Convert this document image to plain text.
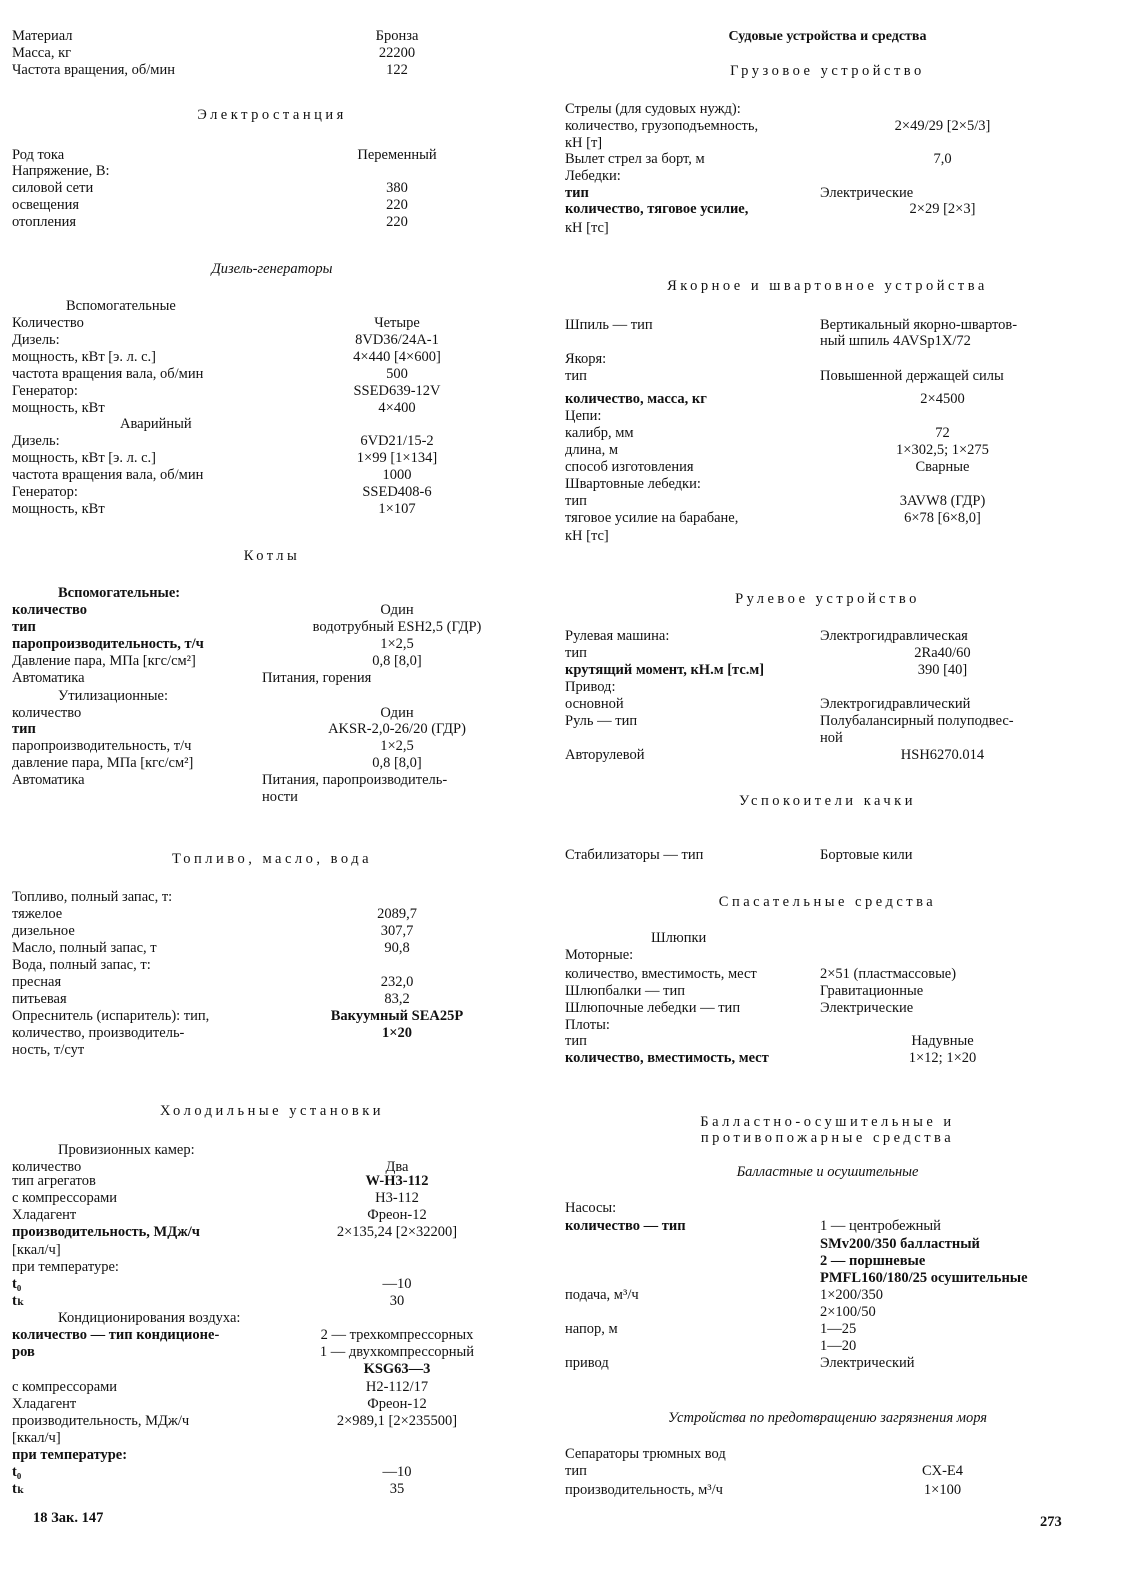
Материал	Бронза
Масса, кг	22200
Частота вращения, об/мин	122
Электростанция
Род тока	Переменный
Напряжение, В:
силовой сети	380
освещения	220
отопления	220
Дизель-генераторы
Вспомогательные
Количество	Четыре
Дизель:	8VD36/24A-1
мощность, кВт [э. л. с.]	4×440 [4×600]
частота вращения вала, об/мин	500
Генератор:	SSED639-12V
мощность, кВт	4×400
Аварийный
Дизель:	6VD21/15-2
мощность, кВт [э. л. с.]	1×99 [1×134]
частота вращения вала, об/мин	1000
Генератор:	SSED408-6
мощность, кВт	1×107
Котлы
Вспомогательные:
количество	Один
тип	водотрубный ESH2,5 (ГДР)
паропроизводительность, т/ч	1×2,5
Давление пара, МПа [кгс/см²]	0,8 [8,0]
Автоматика	Питания, горения
Утилизационные:
количество	Один
тип	AKSR-2,0-26/20 (ГДР)
паропроизводительность, т/ч	1×2,5
давление пара, МПа [кгс/см²]	0,8 [8,0]
Автоматика	Питания, паропроизводитель-
ности
Топливо, масло, вода
Топливо, полный запас, т:
тяжелое	2089,7
дизельное	307,7
Масло, полный запас, т	90,8
Вода, полный запас, т:
пресная	232,0
питьевая	83,2
Опреснитель (испаритель): тип,	Вакуумный SEA25P
количество, производитель-	1×20
ность, т/сут
Холодильные установки
Провизионных камер:
количество	Два
тип агрегатов	W-H3-112
с компрессорами	H3-112
Хладагент	Фреон-12
производительность, МДж/ч	2×135,24 [2×32200]
[ккал/ч]
при температуре:
t₀	—10
tₖ	30
Кондиционирования воздуха:
количество — тип кондиционе-	2 — трехкомпрессорных
ров	1 — двухкомпрессорный
KSG63—3
с компрессорами	H2-112/17
Хладагент	Фреон-12
производительность, МДж/ч	2×989,1 [2×235500]
[ккал/ч]
при температуре:
t₀	—10
tₖ	35
Судовые устройства и средства
Грузовое устройство
Стрелы (для судовых нужд):
количество, грузоподъемность,	2×49/29 [2×5/3]
кН [т]
Вылет стрел за борт, м	7,0
Лебедки:
тип	Электрические
количество, тяговое усилие,	2×29 [2×3]
кН [тс]
Якорное и швартовное устройства
Шпиль — тип	Вертикальный якорно-швартов-
ный шпиль 4AVSp1X/72
Якоря:
тип	Повышенной держащей силы
количество, масса, кг	2×4500
Цепи:
калибр, мм	72
длина, м	1×302,5; 1×275
способ изготовления	Сварные
Швартовные лебедки:
тип	3AVW8 (ГДР)
тяговое усилие на барабане,	6×78 [6×8,0]
кН [тс]
Рулевое устройство
Рулевая машина:	Электрогидравлическая
тип	2Ra40/60
крутящий момент, кН.м [тс.м]	390 [40]
Привод:
основной	Электрогидравлический
Руль — тип	Полубалансирный полуподвес-
ной
Авторулевой	HSH6270.014
Успокоители качки
Стабилизаторы — тип	Бортовые кили
Спасательные средства
Шлюпки
Моторные:
количество, вместимость, мест	2×51 (пластмассовые)
Шлюпбалки — тип	Гравитационные
Шлюпочные лебедки — тип	Электрические
Плоты:
тип	Надувные
количество, вместимость, мест	1×12; 1×20
Балластно-осушительные и
противопожарные средства
Балластные и осушительные
Насосы:
количество — тип	1 — центробежный
SMv200/350 балластный
2 — поршневые
PMFL160/180/25 осушительные
подача, м³/ч	1×200/350
2×100/50
напор, м	1—25
1—20
привод	Электрический
Устройства по предотвращению загрязнения моря
Сепараторы трюмных вод
тип	CX-E4
производительность, м³/ч	1×100
18 Зак. 147	273
